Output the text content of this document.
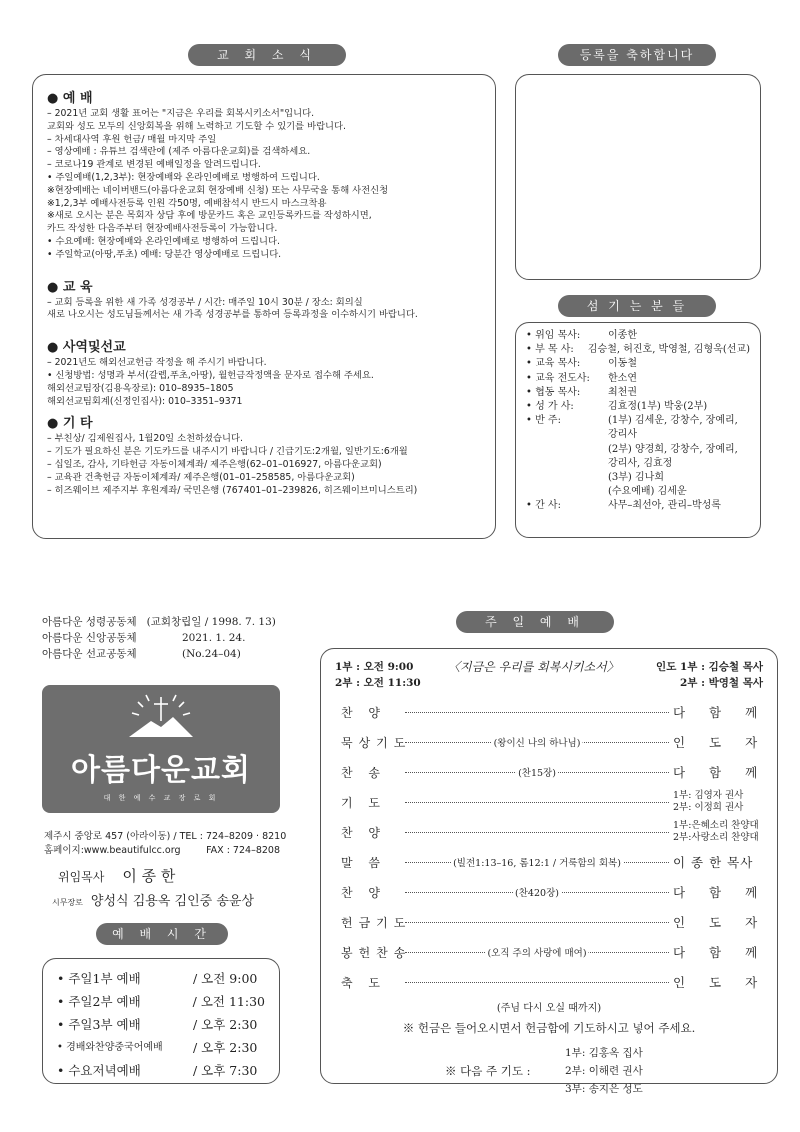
교 회 소 식	등록을 축하합니다
섬 기 는 분 들
주 일 예 배
예 배 시 간
● 예 배
– 2021년 교회 생활 표어는 "지금은 우리를 회복시키소서"입니다.
교회와 성도 모두의 신앙회복을 위해 노력하고 기도할 수 있기를 바랍니다.
– 차세대사역 후원 헌금/ 매월 마지막 주일
– 영상예배 : 유튜브 검색란에 (제주 아름다운교회)를 검색하세요.
– 코로나19 관계로 변경된 예배일정을 알려드립니다.
• 주일예배(1,2,3부): 현장예배와 온라인예배로 병행하여 드립니다.
※현장예배는 네이버밴드(아름다운교회 현장예배 신청) 또는 사무국을 통해 사전신청
※1,2,3부 예배사전등록 인원 각50명, 예배참석시 반드시 마스크착용
※새로 오시는 분은 목회자 상담 후에 방문카드 혹은 교인등록카드를 작성하시면,
카드 작성한 다음주부터 현장예배사전등록이 가능합니다.
• 수요예배: 현장예배와 온라인예배로 병행하여 드립니다.
• 주일학교(아땅,푸초) 예배: 당분간 영상예배로 드립니다.
● 교 육
– 교회 등록을 위한 새 가족 성경공부 / 시간: 매주일 10시 30분 / 장소: 회의실
새로 나오시는 성도님들께서는 새 가족 성경공부를 통하여 등록과정을 이수하시기 바랍니다.
● 사역및선교
– 2021년도 해외선교헌금 작정을 해 주시기 바랍니다.
• 신청방법: 성명과 부서(갈렙,푸초,아땅), 월헌금작정액을 문자로 접수해 주세요.
해외선교팀장(김용옥장로): 010–8935–1805
해외선교팀회계(신정인집사): 010–3351–9371
● 기 타
– 부친상/ 김제원집사, 1월20일 소천하셨습니다.
– 기도가 필요하신 분은 기도카드를 내주시기 바랍니다 / 긴급기도:2개월, 일반기도:6개월
– 십일조, 감사, 기타헌금 자동이체계좌/ 제주은행(62–01–016927, 아름다운교회)
– 교육관 건축헌금 자동이체계좌/ 제주은행(01–01–258585, 아름다운교회)
– 히즈웨이브 제주지부 후원계좌/ 국민은행 (767401–01–239826, 히즈웨이브미니스트리)
• 위임 목사:	이종한
• 부 목 사:	김승철, 허진호, 박영철, 김형욱(선교)
• 교육 목사:	이동철
• 교육 전도사:	한소연
• 협동 목사:	최천권
• 성 가 사:	김효정(1부) 박웅(2부)
• 반 주:	(1부) 김세운, 강창수, 장예리,
강리사
(2부) 양경희, 강창수, 장예리,
강리사, 김효정
(3부) 김나희
(수요예배) 김세운
• 간 사:	사무–최선아, 관리–박성록
아름다운 성령공동체 (교회창립일 / 1998. 7. 13)
아름다운 신앙공동체	2021. 1. 24.
아름다운 선교공동체	(No.24–04)
아름다운교회
대 한 예 수 교 장 로 회
제주시 중앙로 457 (아라이동) / TEL : 724–8209 · 8210
홈페이지:www.beautifulcc.org	FAX : 724–8208
위임목사 이 종 한
시무장로 양성식 김용옥 김인중 송윤상
• 주일1부 예배	/ 오전 9:00
• 주일2부 예배	/ 오전 11:30
• 주일3부 예배	/ 오후 2:30
• 경배와찬양중국어예배	/ 오후 2:30
• 수요저녁예배	/ 오후 7:30
1부 : 오전 9:00
2부 : 오전 11:30
〈지금은 우리를 회복시키소서〉	인도 1부 : 김승철 목사
2부 : 박영철 목사
찬 양	다 함 께
묵상기도	(왕이신 나의 하나님)	인 도 자
찬 송	(찬15장)	다 함 께
기 도	1부: 김영자 권사
2부: 이정희 권사
찬 양	1부:은혜소리 찬양대
2부:사랑소리 찬양대
말 씀	(빌전1:13–16, 롬12:1 / 거룩함의 회복)	이 종 한 목사
찬 양	(찬420장)	다 함 께
헌금기도	인 도 자
봉헌찬송	(오직 주의 사랑에 매여)	다 함 께
축 도	인 도 자
(주님 다시 오실 때까지)
※ 헌금은 들어오시면서 헌금함에 기도하시고 넣어 주세요.
※ 다음 주 기도 :
1부: 김홍옥 집사
2부: 이해련 권사
3부: 송지은 성도
